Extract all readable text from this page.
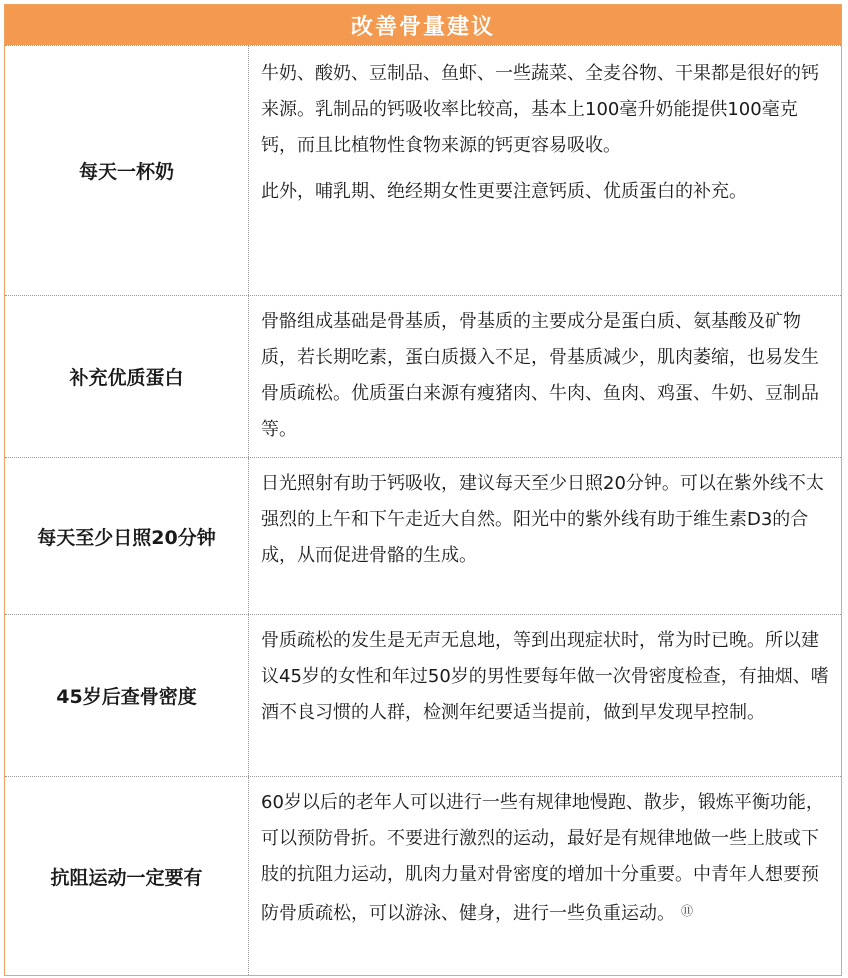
改善骨量建议
每天一杯奶

牛奶、酸奶、豆制品、鱼虾、一些蔬菜、全麦谷物、干果都是很好的钙来源。乳制品的钙吸收率比较高，基本上100毫升奶能提供100毫克钙，而且比植物性食物来源的钙更容易吸收。

此外，哺乳期、绝经期女性更要注意钙质、优质蛋白的补充。

补充优质蛋白

骨骼组成基础是骨基质，骨基质的主要成分是蛋白质、氨基酸及矿物质，若长期吃素，蛋白质摄入不足，骨基质减少，肌肉萎缩，也易发生骨质疏松。优质蛋白来源有瘦猪肉、牛肉、鱼肉、鸡蛋、牛奶、豆制品等。

每天至少日照20分钟

日光照射有助于钙吸收，建议每天至少日照20分钟。可以在紫外线不太强烈的上午和下午走近大自然。阳光中的紫外线有助于维生素D3的合成，从而促进骨骼的生成。

45岁后查骨密度

骨质疏松的发生是无声无息地，等到出现症状时，常为时已晚。所以建议45岁的女性和年过50岁的男性要每年做一次骨密度检查，有抽烟、嗜酒不良习惯的人群，检测年纪要适当提前，做到早发现早控制。

抗阻运动一定要有

60岁以后的老年人可以进行一些有规律地慢跑、散步，锻炼平衡功能，可以预防骨折。不要进行激烈的运动，最好是有规律地做一些上肢或下肢的抗阻力运动，肌肉力量对骨密度的增加十分重要。中青年人想要预防骨质疏松，可以游泳、健身，进行一些负重运动。 ⑪
